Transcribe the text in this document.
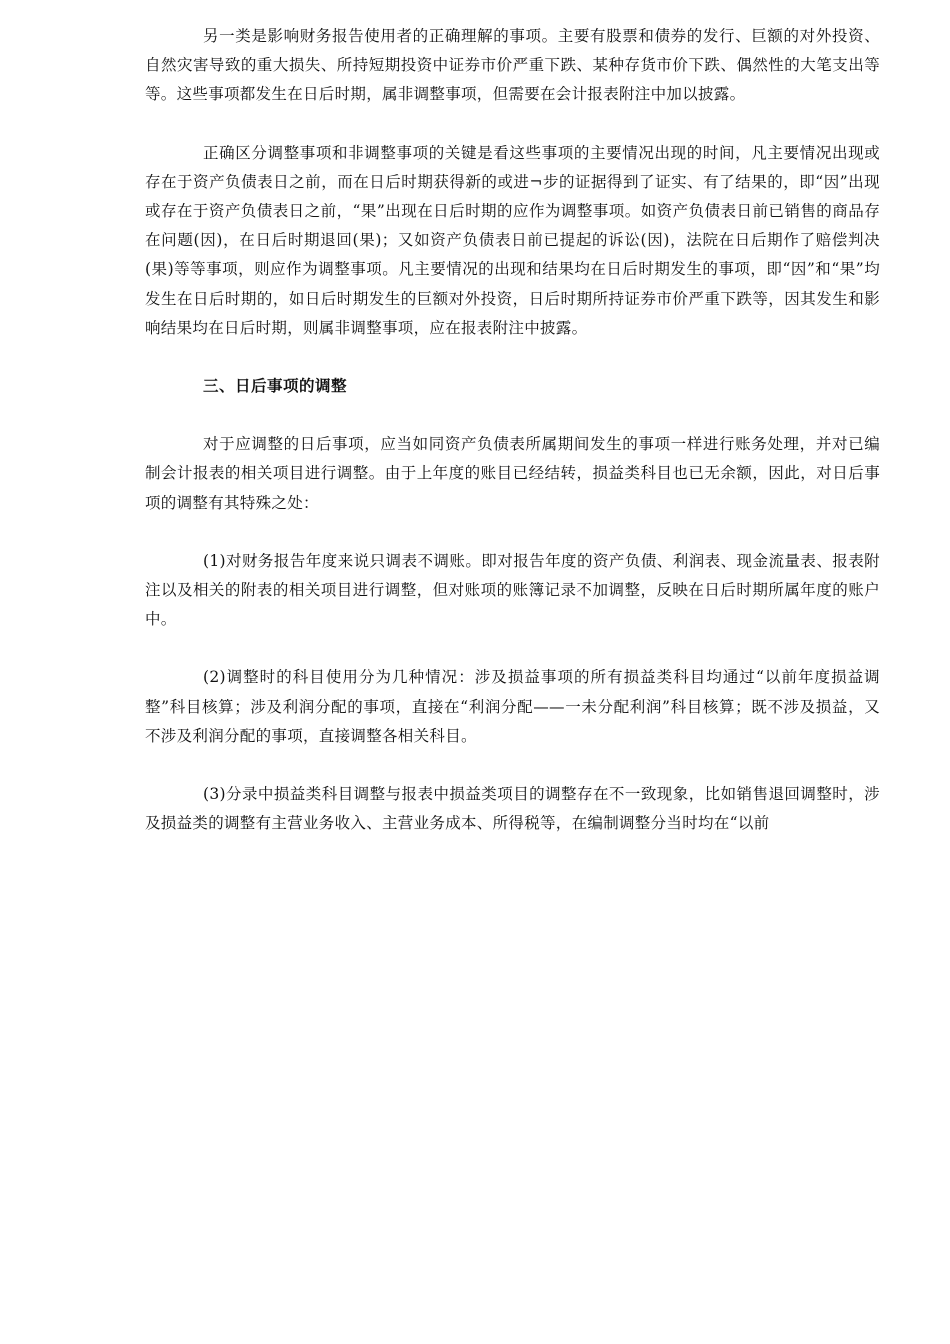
另一类是影响财务报告使用者的正确理解的事项。主要有股票和债券的发行、巨额的对外投资、自然灾害导致的重大损失、所持短期投资中证券市价严重下跌、某种存货市价下跌、偶然性的大笔支出等等。这些事项都发生在日后时期，属非调整事项，但需要在会计报表附注中加以披露。

正确区分调整事项和非调整事项的关键是看这些事项的主要情况出现的时间，凡主要情况出现或存在于资产负债表日之前，而在日后时期获得新的或进¬步的证据得到了证实、有了结果的，即“因”出现或存在于资产负债表日之前，“果”出现在日后时期的应作为调整事项。如资产负债表日前已销售的商品存在问题(因)，在日后时期退回(果)；又如资产负债表日前已提起的诉讼(因)，法院在日后期作了赔偿判决(果)等等事项，则应作为调整事项。凡主要情况的出现和结果均在日后时期发生的事项，即“因”和“果”均发生在日后时期的，如日后时期发生的巨额对外投资，日后时期所持证券市价严重下跌等，因其发生和影响结果均在日后时期，则属非调整事项，应在报表附注中披露。

三、日后事项的调整

对于应调整的日后事项，应当如同资产负债表所属期间发生的事项一样进行账务处理，并对已编制会计报表的相关项目进行调整。由于上年度的账目已经结转，损益类科目也已无余额，因此，对日后事项的调整有其特殊之处：

(1)对财务报告年度来说只调表不调账。即对报告年度的资产负债、利润表、现金流量表、报表附注以及相关的附表的相关项目进行调整，但对账项的账簿记录不加调整，反映在日后时期所属年度的账户中。

(2)调整时的科目使用分为几种情况：涉及损益事项的所有损益类科目均通过“以前年度损益调整”科目核算；涉及利润分配的事项，直接在“利润分配——一未分配利润”科目核算；既不涉及损益，又不涉及利润分配的事项，直接调整各相关科目。

(3)分录中损益类科目调整与报表中损益类项目的调整存在不一致现象，比如销售退回调整时，涉及损益类的调整有主营业务收入、主营业务成本、所得税等，在编制调整分当时均在“以前
